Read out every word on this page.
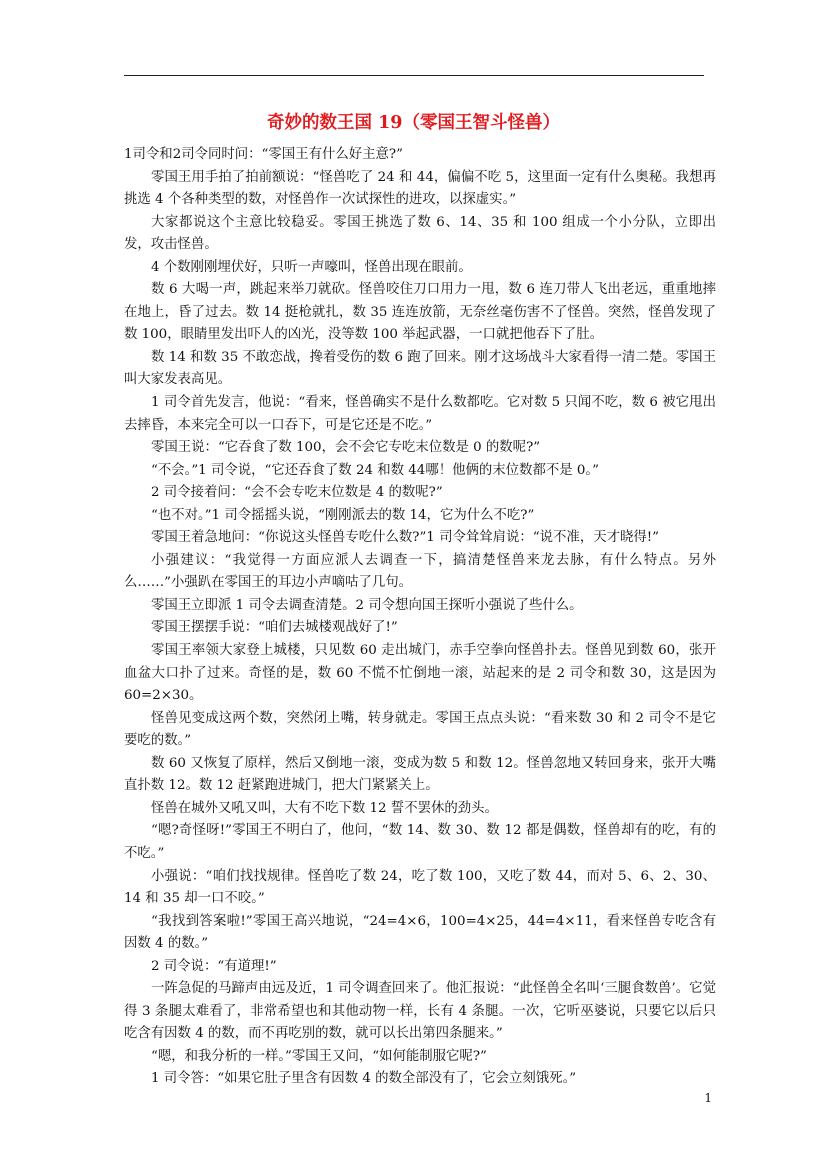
奇妙的数王国 19（零国王智斗怪兽）

1司令和2司令同时问：“零国王有什么好主意?”

零国王用手拍了拍前额说：“怪兽吃了 24 和 44，偏偏不吃 5，这里面一定有什么奥秘。我想再挑选 4 个各种类型的数，对怪兽作一次试探性的进攻，以探虚实。”

大家都说这个主意比较稳妥。零国王挑选了数 6、14、35 和 100 组成一个小分队，立即出发，攻击怪兽。

4 个数刚刚埋伏好，只听一声嚎叫，怪兽出现在眼前。

数 6 大喝一声，跳起来举刀就砍。怪兽咬住刀口用力一甩，数 6 连刀带人飞出老远，重重地摔在地上，昏了过去。数 14 挺枪就扎，数 35 连连放箭，无奈丝毫伤害不了怪兽。突然，怪兽发现了数 100，眼睛里发出吓人的凶光，没等数 100 举起武器，一口就把他吞下了肚。

数 14 和数 35 不敢恋战，搀着受伤的数 6 跑了回来。刚才这场战斗大家看得一清二楚。零国王叫大家发表高见。

1 司令首先发言，他说：“看来，怪兽确实不是什么数都吃。它对数 5 只闻不吃，数 6 被它甩出去摔昏，本来完全可以一口吞下，可是它还是不吃。”

零国王说：“它吞食了数 100，会不会它专吃末位数是 0 的数呢?”

“不会。”1 司令说，“它还吞食了数 24 和数 44哪！他俩的末位数都不是 0。”

2 司令接着问：“会不会专吃末位数是 4 的数呢?”

“也不对。”1 司令摇摇头说，“刚刚派去的数 14，它为什么不吃?”

零国王着急地问：“你说这头怪兽专吃什么数?”1 司令耸耸肩说：“说不准，天才晓得!”

小强建议：“我觉得一方面应派人去调查一下，搞清楚怪兽来龙去脉，有什么特点。另外么……”小强趴在零国王的耳边小声嘀咕了几句。

零国王立即派 1 司令去调查清楚。2 司令想向国王探听小强说了些什么。

零国王摆摆手说：“咱们去城楼观战好了!”

零国王率领大家登上城楼，只见数 60 走出城门，赤手空拳向怪兽扑去。怪兽见到数 60，张开血盆大口扑了过来。奇怪的是，数 60 不慌不忙倒地一滚，站起来的是 2 司令和数 30，这是因为 60=2×30。

怪兽见变成这两个数，突然闭上嘴，转身就走。零国王点点头说：“看来数 30 和 2 司令不是它要吃的数。”

数 60 又恢复了原样，然后又倒地一滚，变成为数 5 和数 12。怪兽忽地又转回身来，张开大嘴直扑数 12。数 12 赶紧跑进城门，把大门紧紧关上。

怪兽在城外又吼又叫，大有不吃下数 12 誓不罢休的劲头。

“嗯?奇怪呀!”零国王不明白了，他问，“数 14、数 30、数 12 都是偶数，怪兽却有的吃，有的不吃。”

小强说：“咱们找找规律。怪兽吃了数 24，吃了数 100，又吃了数 44，而对 5、6、2、30、14 和 35 却一口不咬。”

“我找到答案啦!”零国王高兴地说，“24=4×6，100=4×25，44=4×11，看来怪兽专吃含有因数 4 的数。”

2 司令说：“有道理!”

一阵急促的马蹄声由远及近，1 司令调查回来了。他汇报说：“此怪兽全名叫‘三腿食数兽’。它觉得 3 条腿太难看了，非常希望也和其他动物一样，长有 4 条腿。一次，它听巫婆说，只要它以后只吃含有因数 4 的数，而不再吃别的数，就可以长出第四条腿来。”

“嗯，和我分析的一样。”零国王又问，“如何能制服它呢?”

1 司令答：“如果它肚子里含有因数 4 的数全部没有了，它会立刻饿死。”

1
